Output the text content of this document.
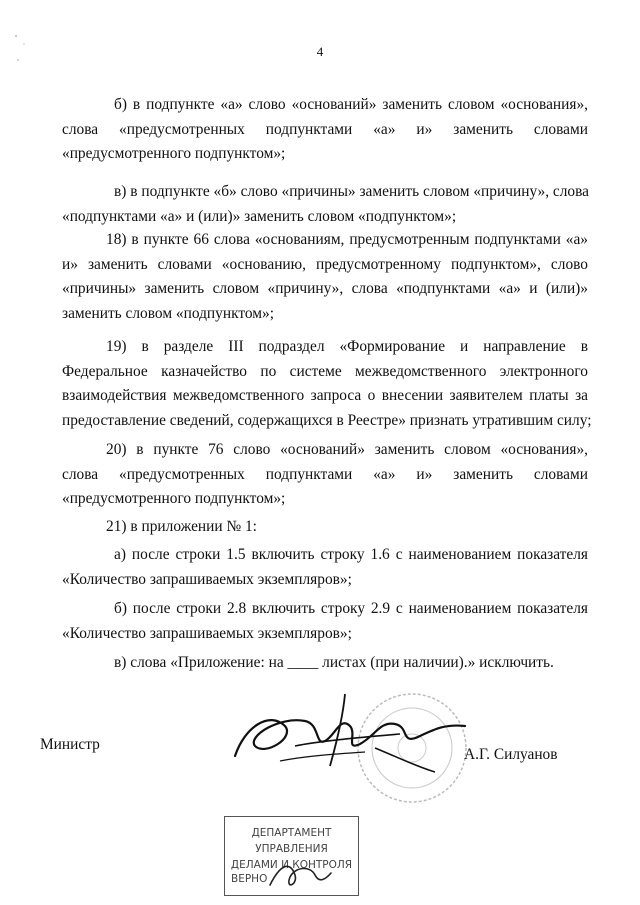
4
б) в подпункте «а» слово «оснований» заменить словом «основания»,
слова «предусмотренных подпунктами «а» и» заменить словами
«предусмотренного подпунктом»;
в) в подпункте «б» слово «причины» заменить словом «причину», слова
«подпунктами «а» и (или)» заменить словом «подпунктом»;
18) в пункте 66 слова «основаниям, предусмотренным подпунктами «а»
и» заменить словами «основанию, предусмотренному подпунктом», слово
«причины» заменить словом «причину», слова «подпунктами «а» и (или)»
заменить словом «подпунктом»;
19) в разделе III подраздел «Формирование и направление в
Федеральное казначейство по системе межведомственного электронного
взаимодействия межведомственного запроса о внесении заявителем платы за
предоставление сведений, содержащихся в Реестре» признать утратившим силу;
20) в пункте 76 слово «оснований» заменить словом «основания»,
слова «предусмотренных подпунктами «а» и» заменить словами
«предусмотренного подпунктом»;
21) в приложении № 1:
а) после строки 1.5 включить строку 1.6 с наименованием показателя
«Количество запрашиваемых экземпляров»;
б) после строки 2.8 включить строку 2.9 с наименованием показателя
«Количество запрашиваемых экземпляров»;
в) слова «Приложение: на ____ листах (при наличии).» исключить.
Министр
А.Г. Силуанов
ДЕПАРТАМЕНТ УПРАВЛЕНИЯ
ДЕЛАМИ И КОНТРОЛЯ
ВЕРНО
